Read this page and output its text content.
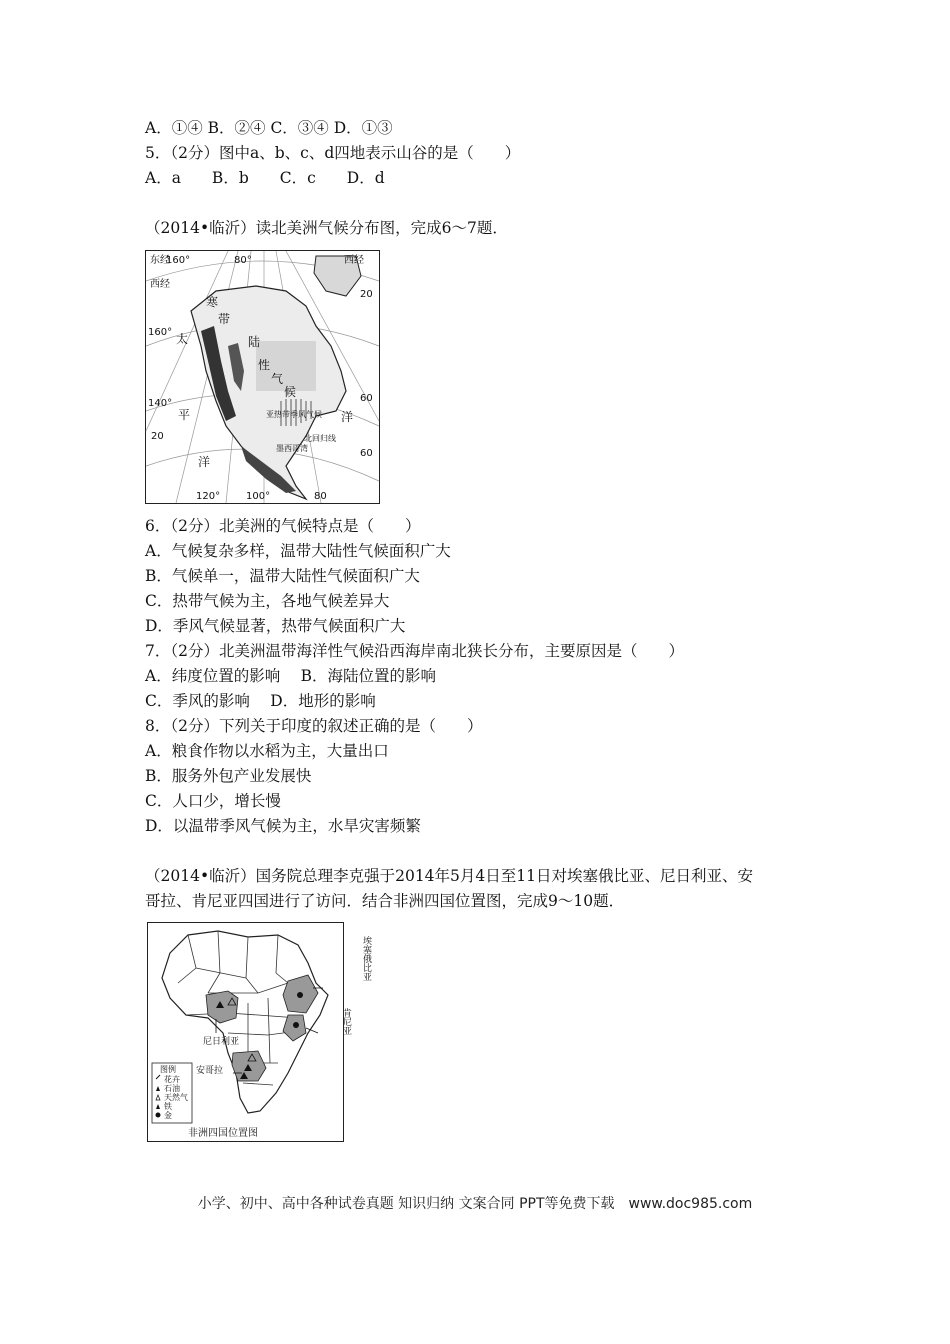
A．①④ B．②④ C．③④ D．①③
5．（2分）图中a、b、c、d四地表示山谷的是（　　）
A．a　　B．b　　C．c　　D．d
（2014•临沂）读北美洲气候分布图，完成6～7题．
东经
西经
西经
160°	80°
20
160°
140°
20
60
60
120°	100°	80
太
平
洋
洋
寒
带
陆
性
气
候
北回归线
墨西哥湾
亚热带季风气候
6．（2分）北美洲的气候特点是（　　）
A．气候复杂多样，温带大陆性气候面积广大
B．气候单一，温带大陆性气候面积广大
C．热带气候为主，各地气候差异大
D．季风气候显著，热带气候面积广大
7．（2分）北美洲温带海洋性气候沿西海岸南北狭长分布，主要原因是（　　）
A．纬度位置的影响　 B．海陆位置的影响
C．季风的影响　 D．地形的影响
8．（2分）下列关于印度的叙述正确的是（　　）
A．粮食作物以水稻为主，大量出口
B．服务外包产业发展快
C．人口少，增长慢
D．以温带季风气候为主，水旱灾害频繁
（2014•临沂）国务院总理李克强于2014年5月4日至11日对埃塞俄比亚、尼日利亚、安
哥拉、肯尼亚四国进行了访问．结合非洲四国位置图，完成9～10题．
尼日利亚
安哥拉
埃塞俄比亚
肯尼亚
图例
花卉
石油
天然气
铁
金
非洲四国位置图
小学、初中、高中各种试卷真题 知识归纳 文案合同 PPT等免费下载　www.doc985.com
